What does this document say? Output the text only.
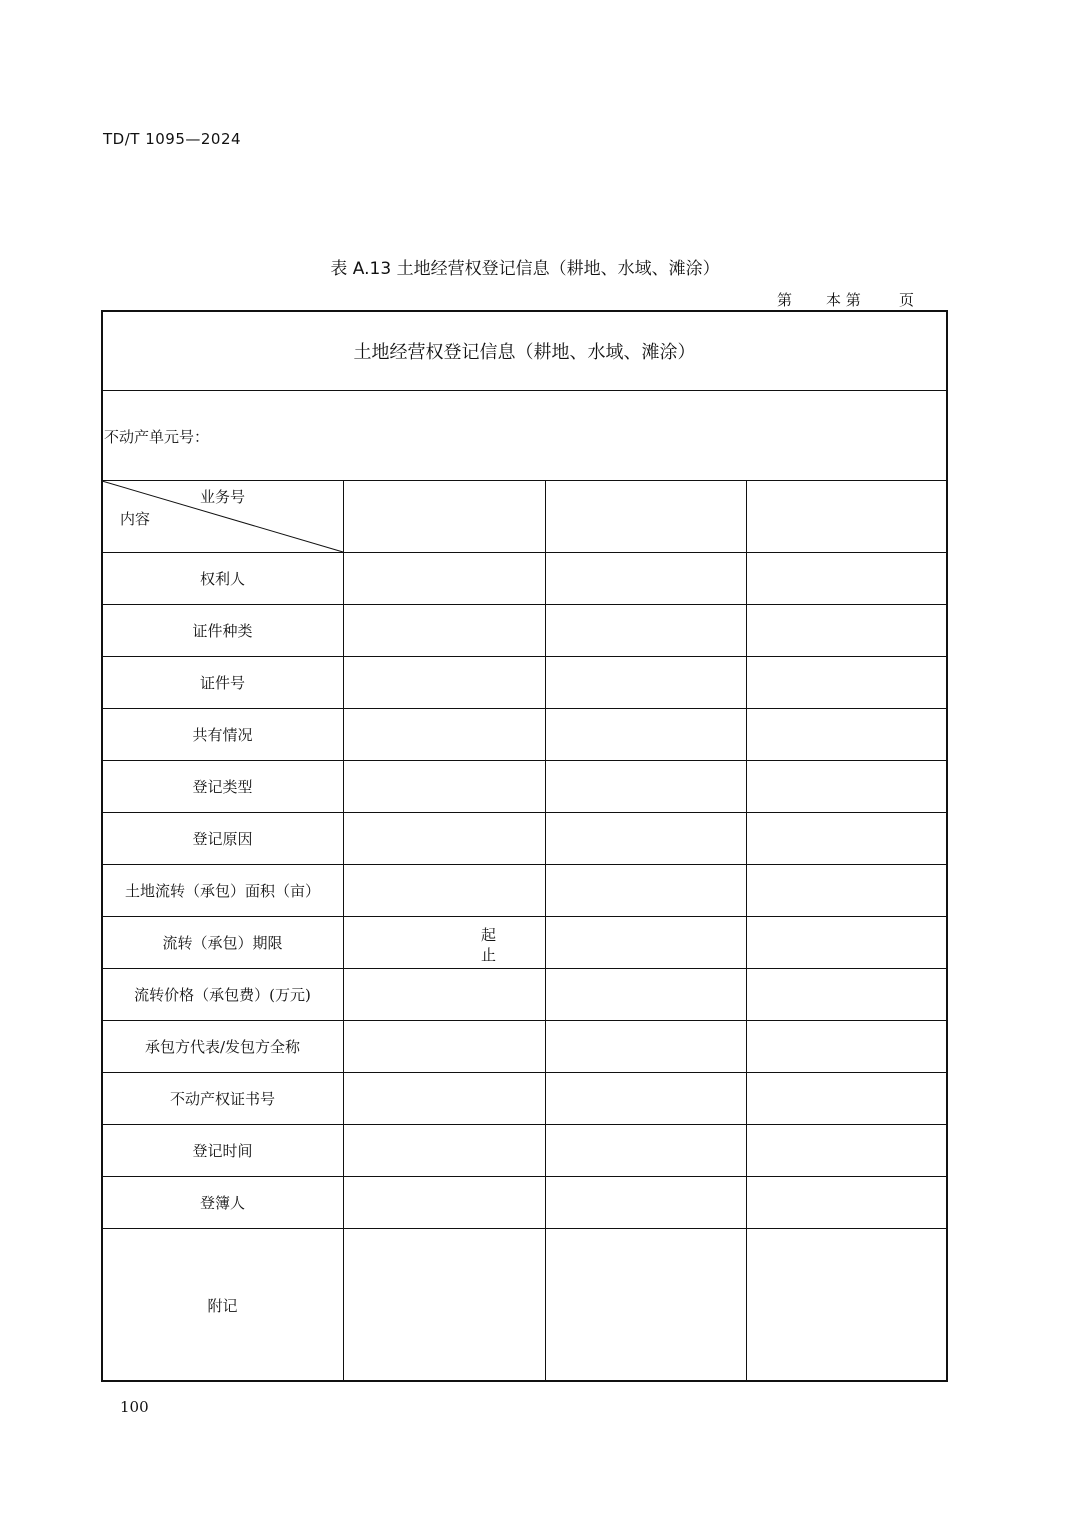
TD/T 1095—2024
表 A.13 土地经营权登记信息（耕地、水域、滩涂）
第 本 第	页
土地经营权登记信息（耕地、水域、滩涂）
不动产单元号：
业务号
内容
权利人
证件种类
证件号
共有情况
登记类型
登记原因
土地流转（承包）面积（亩）
流转（承包）期限
流转价格（承包费）(万元)
承包方代表/发包方全称
不动产权证书号
登记时间
登簿人
附记
起
止
100
